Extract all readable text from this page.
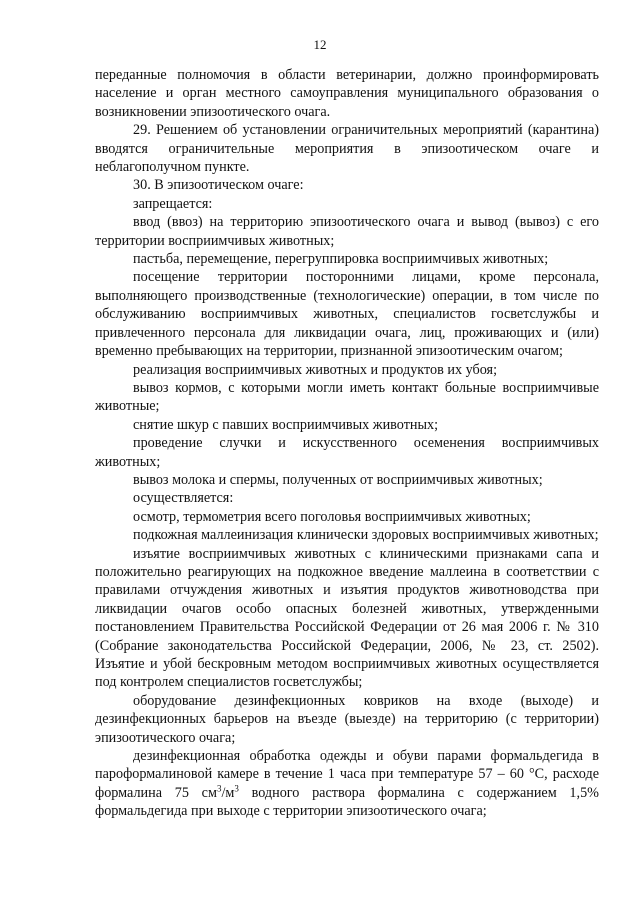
12

переданные полномочия в области ветеринарии, должно проинформировать население и орган местного самоуправления муниципального образования о возникновении эпизоотического очага.

29. Решением об установлении ограничительных мероприятий (карантина) вводятся ограничительные мероприятия в эпизоотическом очаге и неблагополучном пункте.

30. В эпизоотическом очаге:

запрещается:

ввод (ввоз) на территорию эпизоотического очага и вывод (вывоз) с его территории восприимчивых животных;

пастьба, перемещение, перегруппировка восприимчивых животных;

посещение территории посторонними лицами, кроме персонала, выполняющего производственные (технологические) операции, в том числе по обслуживанию восприимчивых животных, специалистов госветслужбы и привлеченного персонала для ликвидации очага, лиц, проживающих и (или) временно пребывающих на территории, признанной эпизоотическим очагом;

реализация восприимчивых животных и продуктов их убоя;

вывоз кормов, с которыми могли иметь контакт больные восприимчивые животные;

снятие шкур с павших восприимчивых животных;

проведение случки и искусственного осеменения восприимчивых животных;

вывоз молока и спермы, полученных от восприимчивых животных;

осуществляется:

осмотр, термометрия всего поголовья восприимчивых животных;

подкожная маллеинизация клинически здоровых восприимчивых животных;

изъятие восприимчивых животных с клиническими признаками сапа и положительно реагирующих на подкожное введение маллеина в соответствии с правилами отчуждения животных и изъятия продуктов животноводства при ликвидации очагов особо опасных болезней животных, утвержденными постановлением Правительства Российской Федерации от 26 мая 2006 г. № 310 (Собрание законодательства Российской Федерации, 2006, № 23, ст. 2502). Изъятие и убой бескровным методом восприимчивых животных осуществляется под контролем специалистов госветслужбы;

оборудование дезинфекционных ковриков на входе (выходе) и дезинфекционных барьеров на въезде (выезде) на территорию (с территории) эпизоотического очага;

дезинфекционная обработка одежды и обуви парами формальдегида в пароформалиновой камере в течение 1 часа при температуре 57 – 60 °С, расходе формалина 75 $см^3/м^3$ водного раствора формалина с содержанием 1,5% формальдегида при выходе с территории эпизоотического очага;
